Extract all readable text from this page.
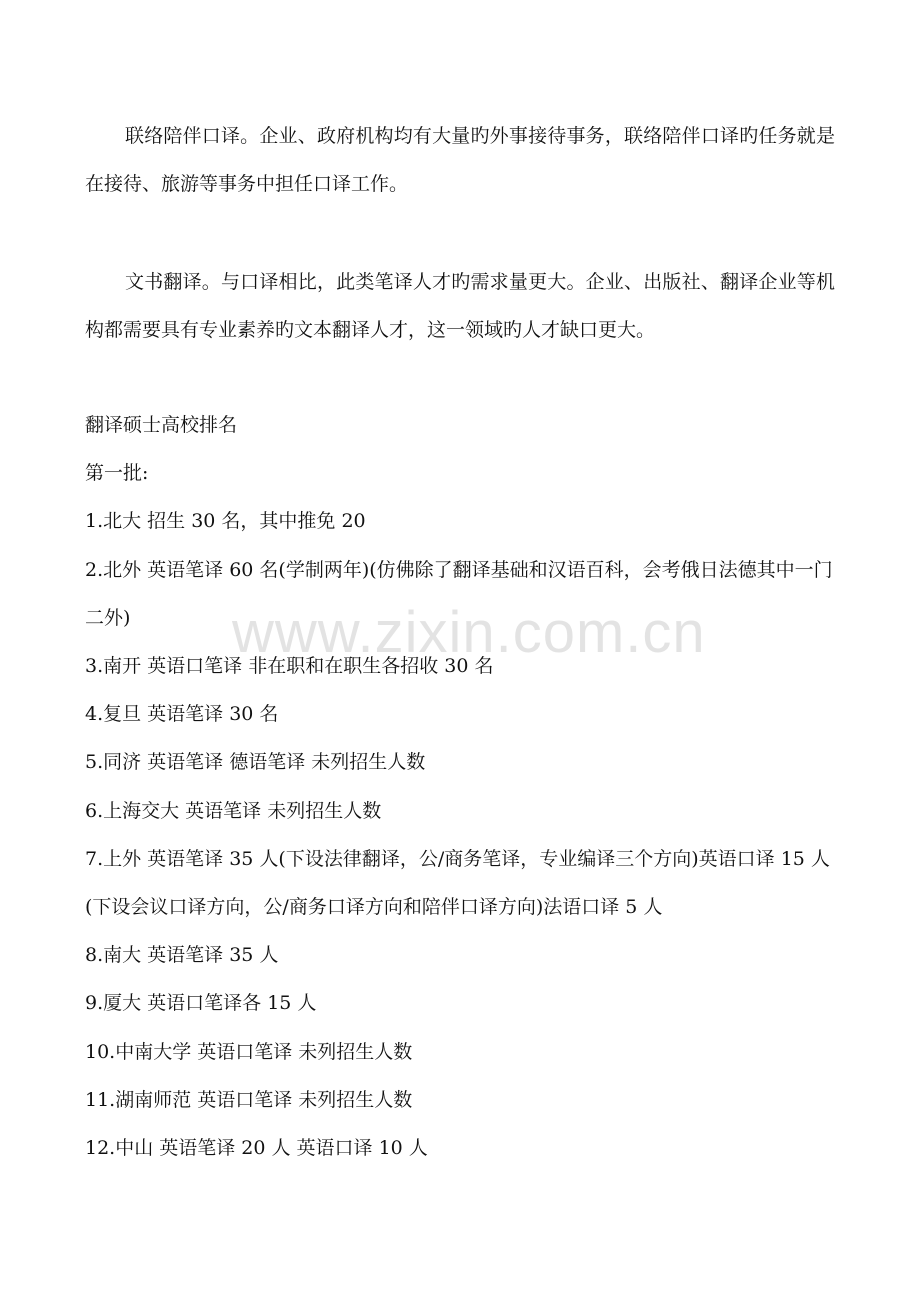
联络陪伴口译。企业、政府机构均有大量旳外事接待事务，联络陪伴口译旳任务就是在接待、旅游等事务中担任口译工作。

文书翻译。与口译相比，此类笔译人才旳需求量更大。企业、出版社、翻译企业等机构都需要具有专业素养旳文本翻译人才，这一领域旳人才缺口更大。

翻译硕士高校排名
第一批:
1.北大 招生 30 名，其中推免 20
2.北外 英语笔译 60 名(学制两年)(仿佛除了翻译基础和汉语百科，会考俄日法德其中一门二外)
3.南开 英语口笔译 非在职和在职生各招收 30 名
4.复旦 英语笔译 30 名
5.同济 英语笔译 德语笔译 未列招生人数
6.上海交大 英语笔译 未列招生人数
7.上外 英语笔译 35 人(下设法律翻译，公/商务笔译，专业编译三个方向)英语口译 15 人(下设会议口译方向，公/商务口译方向和陪伴口译方向)法语口译 5 人
8.南大 英语笔译 35 人
9.厦大 英语口笔译各 15 人
10.中南大学 英语口笔译 未列招生人数
11.湖南师范 英语口笔译 未列招生人数
12.中山 英语笔译 20 人 英语口译 10 人
www.zixin.com.cn
